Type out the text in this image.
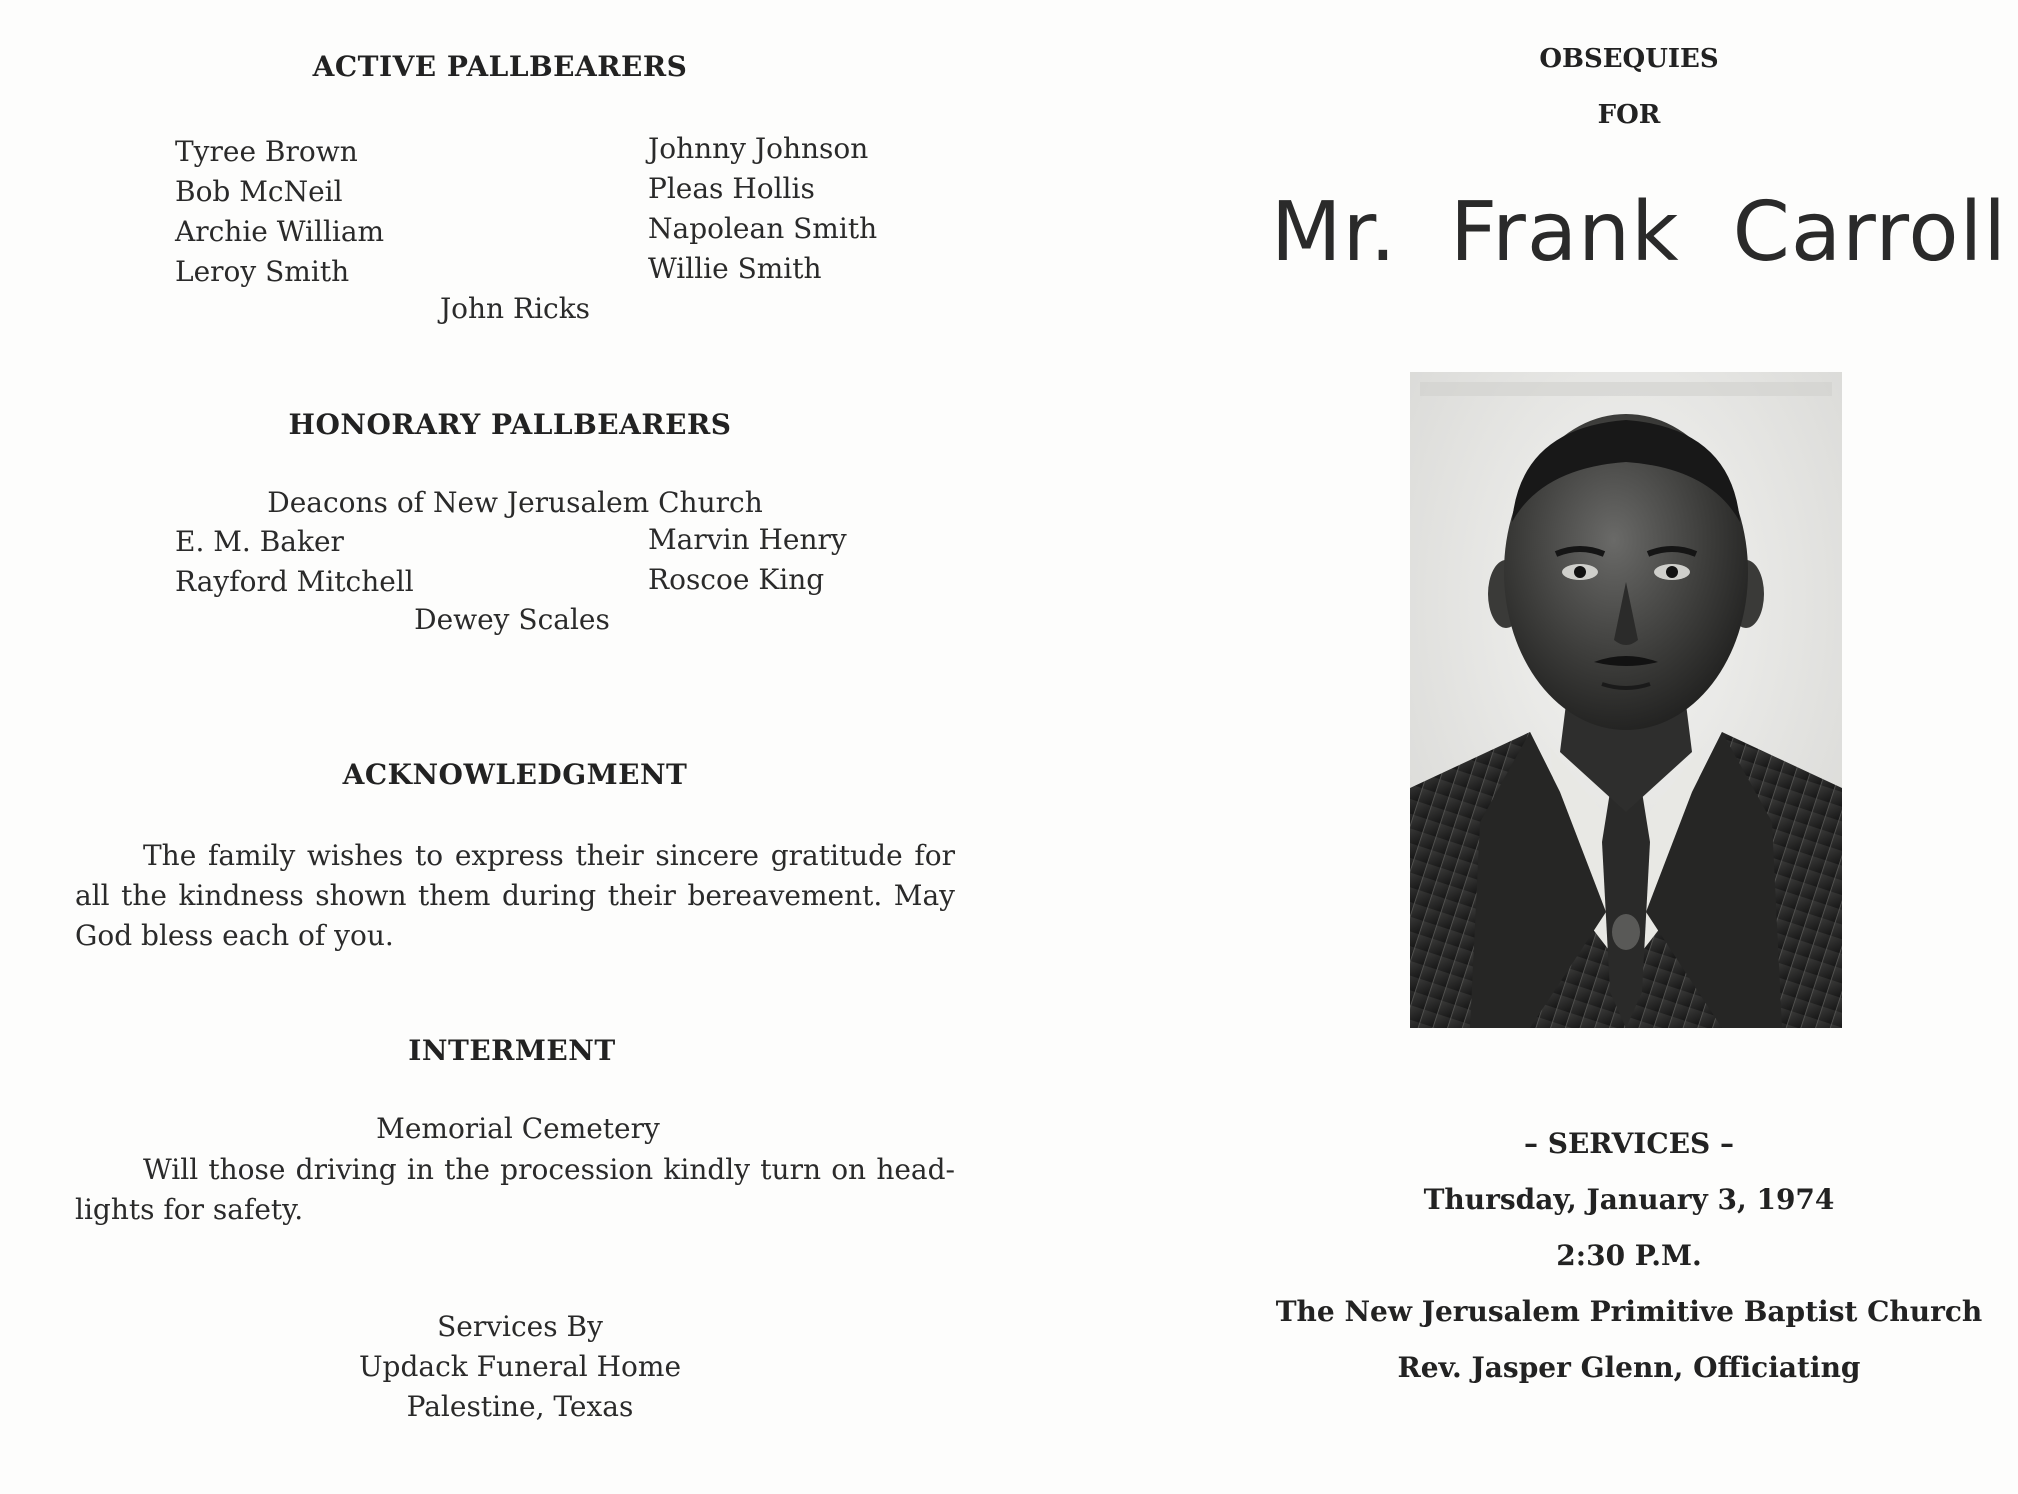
ACTIVE PALLBEARERS
Tyree Brown
Bob McNeil
Archie William
Leroy Smith
Johnny Johnson
Pleas Hollis
Napolean Smith
Willie Smith
John Ricks
HONORARY PALLBEARERS
Deacons of New Jerusalem Church
E. M. Baker
Rayford Mitchell
Marvin Henry
Roscoe King
Dewey Scales
ACKNOWLEDGMENT

The family wishes to express their sincere gratitude for all the kindness shown them during their bereavement. May God bless each of you.

INTERMENT
Memorial Cemetery

Will those driving in the procession kindly turn on head-lights for safety.

Services By
Updack Funeral Home
Palestine, Texas
OBSEQUIES
FOR
Mr. Frank Carroll
– SERVICES –
Thursday, January 3, 1974
2:30 P.M.
The New Jerusalem Primitive Baptist Church
Rev. Jasper Glenn, Officiating
